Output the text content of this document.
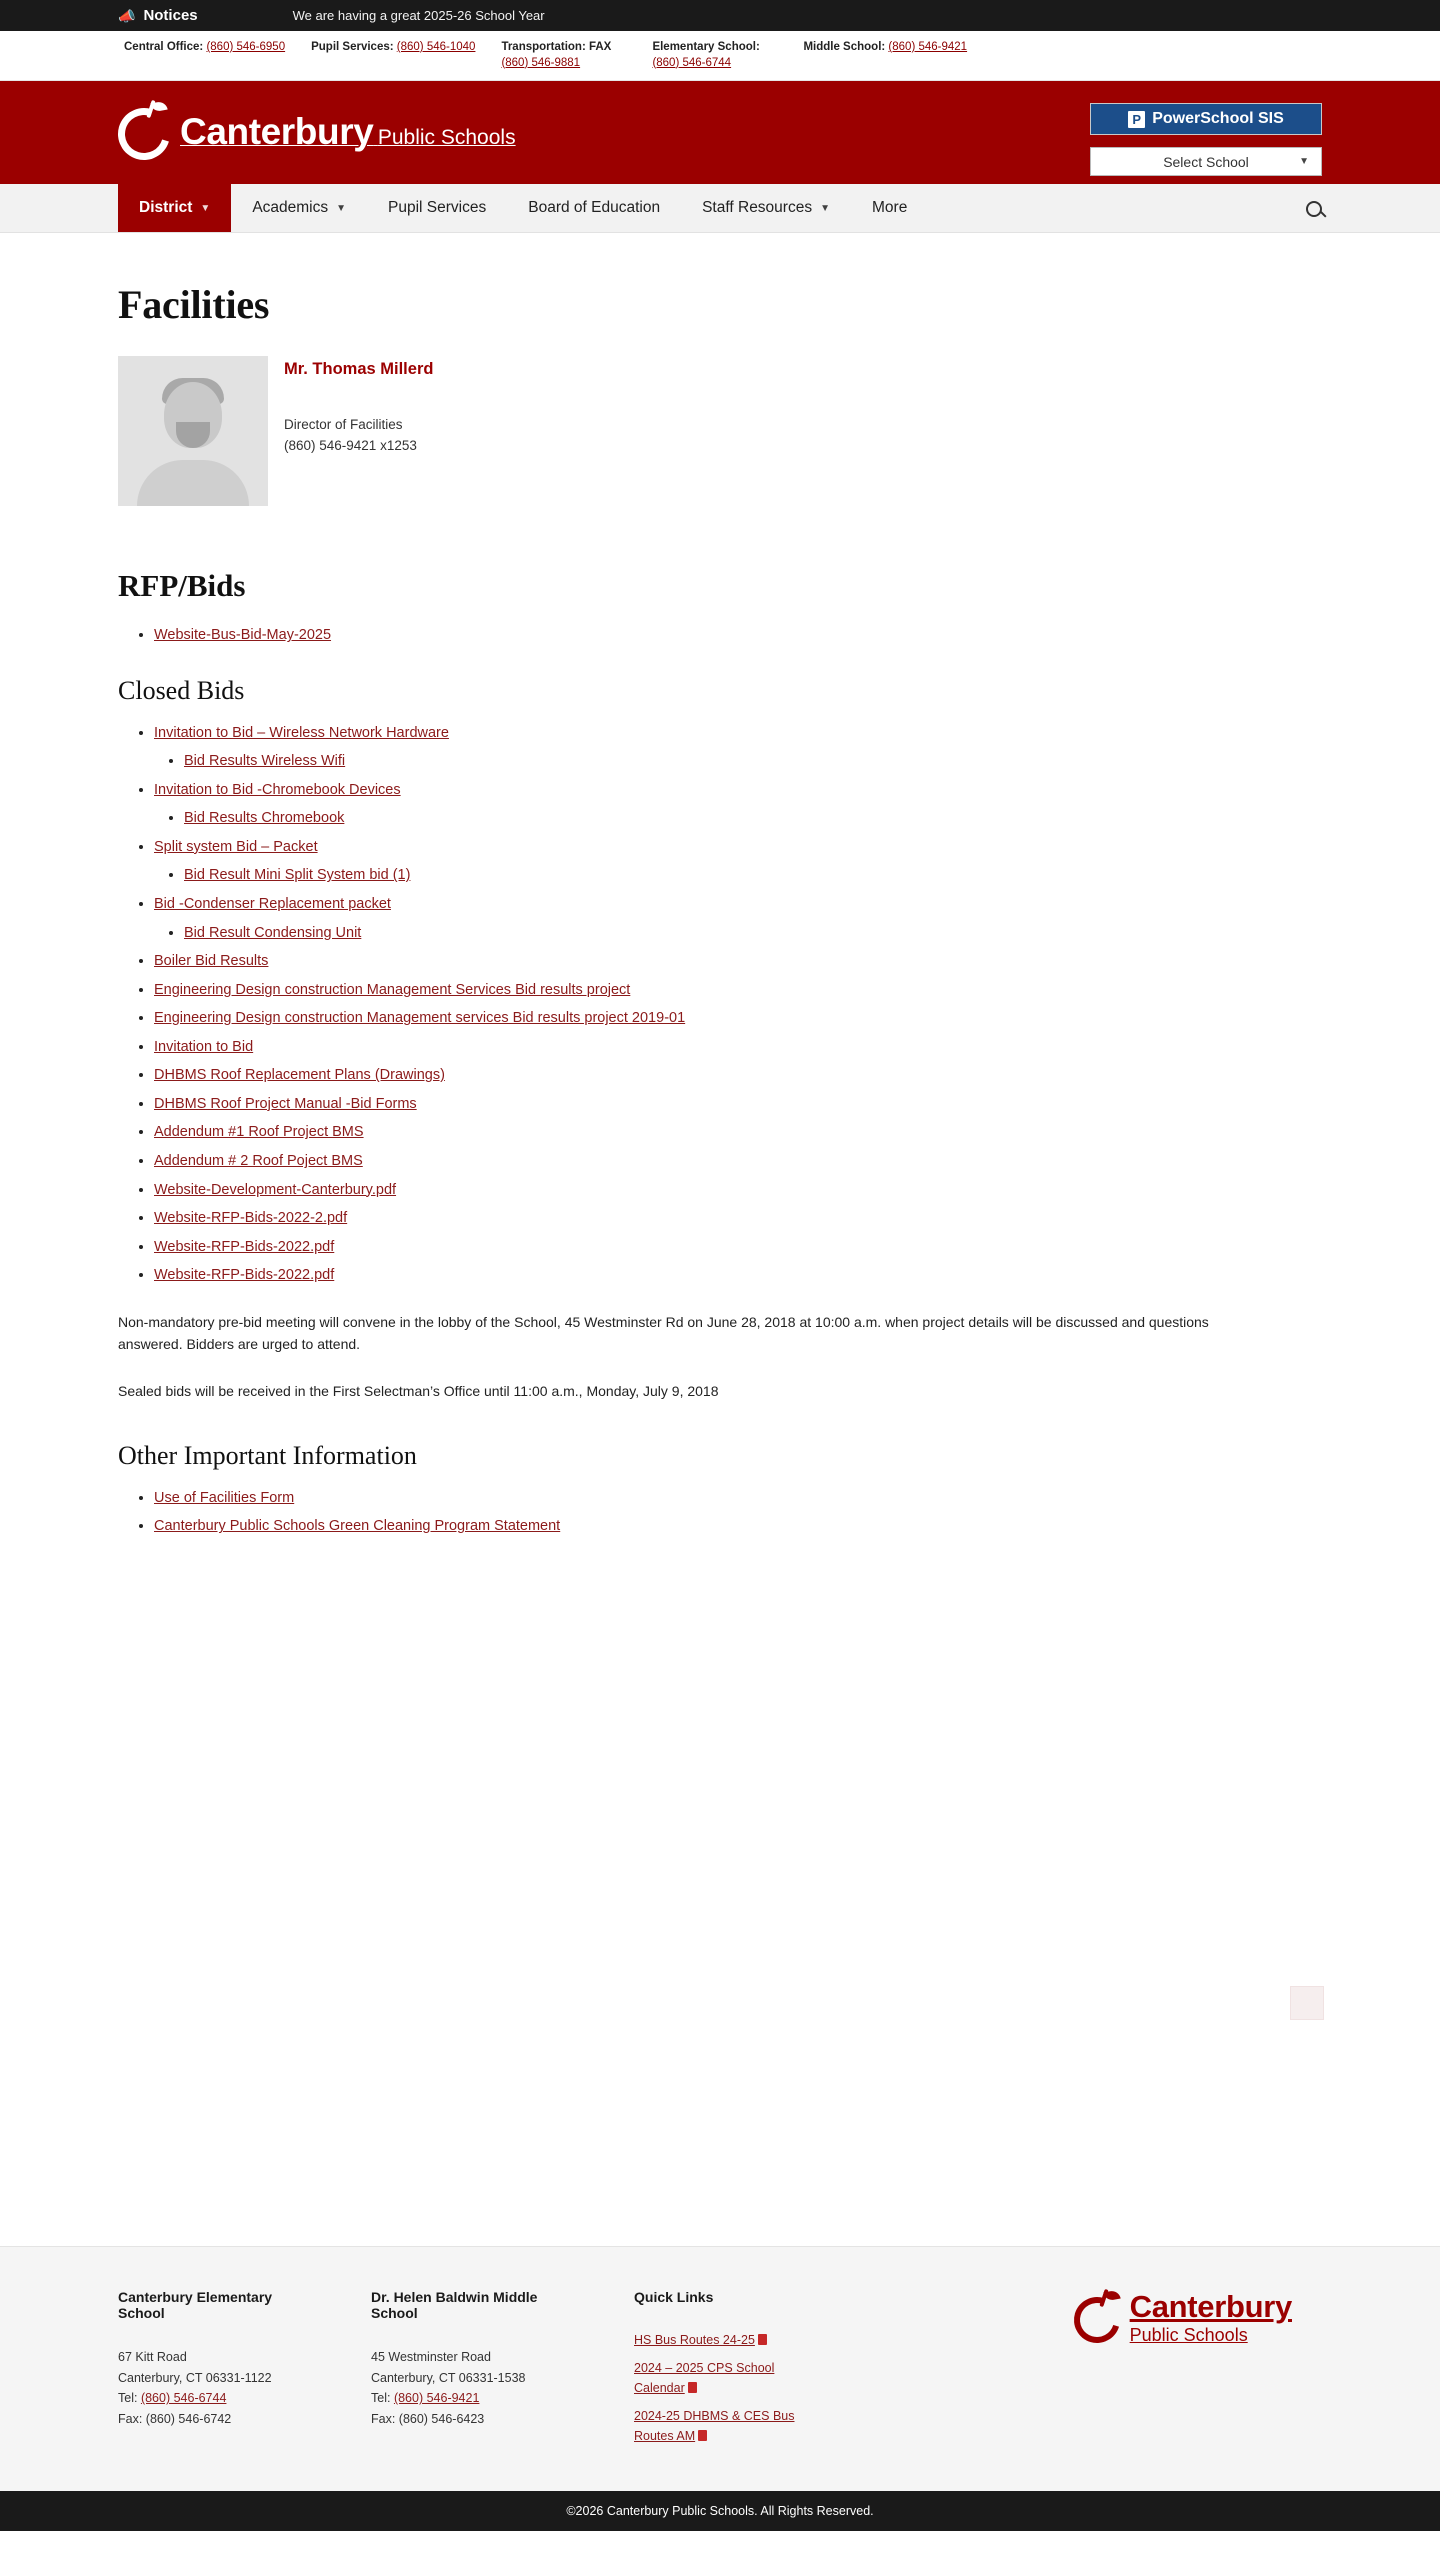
📣 Notices	We are having a great 2025-26 School Year
Central Office: (860) 546-6950 Pupil Services: (860) 546-1040 Transportation: FAX (860) 546-9881
Elementary School: (860) 546-6744
Middle School: (860) 546-9421
Canterbury Public Schools
P PowerSchool SIS
Select School	▼
District ▼	Academics ▼	Pupil Services	Board of Education	Staff Resources ▼	More
Facilities
Mr. Thomas Millerd
Director of Facilities
(860) 546-9421 x1253
RFP/Bids
• Website-Bus-Bid-May-2025
Closed Bids
• Invitation to Bid – Wireless Network Hardware
• Bid Results Wireless Wifi
• Invitation to Bid -Chromebook Devices
• Bid Results Chromebook
• Split system Bid – Packet
• Bid Result Mini Split System bid (1)
• Bid -Condenser Replacement packet
• Bid Result Condensing Unit
• Boiler Bid Results
• Engineering Design construction Management Services Bid results project
• Engineering Design construction Management services Bid results project 2019-01
• Invitation to Bid
• DHBMS Roof Replacement Plans (Drawings)
• DHBMS Roof Project Manual -Bid Forms
• Addendum #1 Roof Project BMS
• Addendum # 2 Roof Poject BMS
• Website-Development-Canterbury.pdf
• Website-RFP-Bids-2022-2.pdf
• Website-RFP-Bids-2022.pdf
• Website-RFP-Bids-2022.pdf

Non-mandatory pre-bid meeting will convene in the lobby of the School, 45 Westminster Rd on June 28, 2018 at 10:00 a.m. when project details will be discussed and questions answered. Bidders are urged to attend.

Sealed bids will be received in the First Selectman’s Office until 11:00 a.m., Monday, July 9, 2018

Other Important Information
• Use of Facilities Form
• Canterbury Public Schools Green Cleaning Program Statement
Canterbury Elementary School
67 Kitt Road
Canterbury, CT 06331-1122
Tel: (860) 546-6744
Fax: (860) 546-6742
Dr. Helen Baldwin Middle School
45 Westminster Road
Canterbury, CT 06331-1538
Tel: (860) 546-9421
Fax: (860) 546-6423
Quick Links
HS Bus Routes 24-25
2024 – 2025 CPS School Calendar
2024-25 DHBMS & CES Bus Routes AM
Canterbury
Public Schools
©2026 Canterbury Public Schools. All Rights Reserved.
